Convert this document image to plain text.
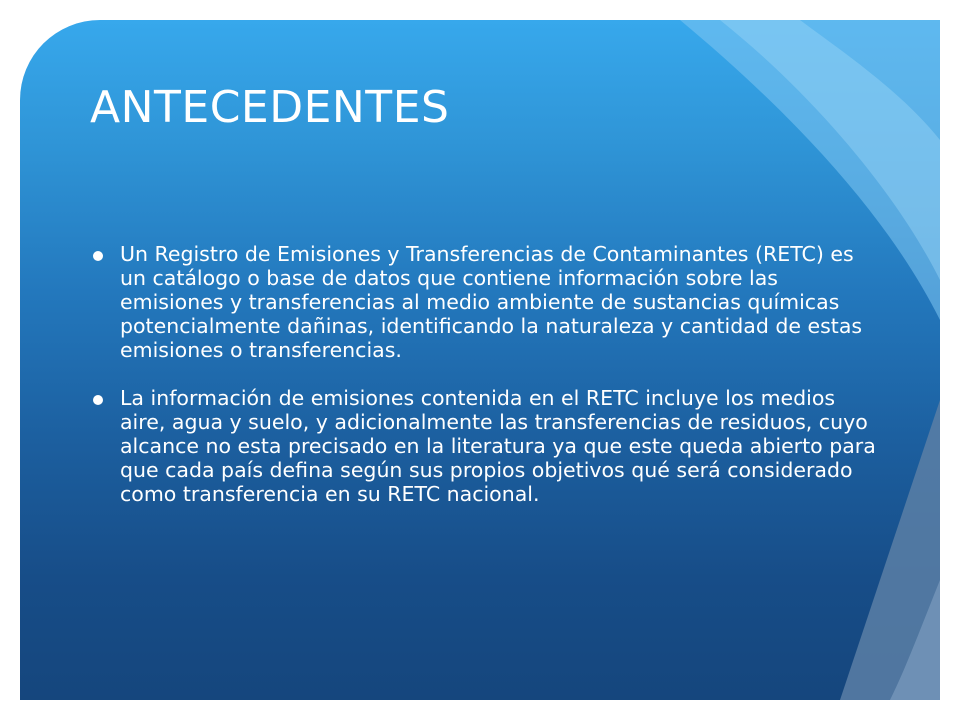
ANTECEDENTES
Un Registro de Emisiones y Transferencias de Contaminantes (RETC) es un catálogo o base de datos que contiene información sobre las emisiones y transferencias al medio ambiente de sustancias químicas potencialmente dañinas, identificando la naturaleza y cantidad de estas emisiones o transferencias.
La información de emisiones contenida en el RETC incluye los medios aire, agua y suelo, y adicionalmente las transferencias de residuos, cuyo alcance no esta precisado en la literatura ya que este queda abierto para que cada país defina según sus propios objetivos qué será considerado como transferencia en su RETC nacional.
